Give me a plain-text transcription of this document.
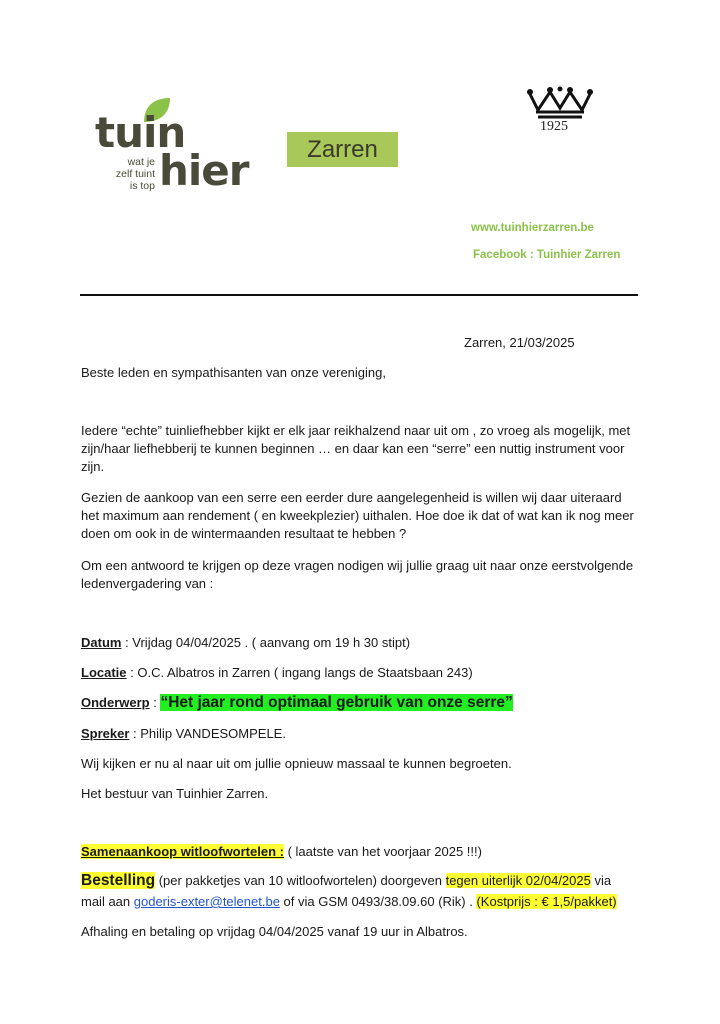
tuin
hier
wat je
zelf tuint
is top
Zarren
1925
www.tuinhierzarren.be
Facebook : Tuinhier Zarren
Zarren, 21/03/2025
Beste leden en sympathisanten van onze vereniging,
Iedere “echte” tuinliefhebber kijkt er elk jaar reikhalzend naar uit om , zo vroeg als mogelijk, met zijn/haar liefhebberij te kunnen beginnen … en daar kan een “serre” een nuttig instrument voor zijn.
Gezien de aankoop van een serre een eerder dure aangelegenheid is willen wij daar uiteraard het maximum aan rendement ( en kweekplezier) uithalen. Hoe doe ik dat of wat kan ik nog meer doen om ook in de wintermaanden resultaat te hebben ?
Om een antwoord te krijgen op deze vragen nodigen wij jullie graag uit naar onze eerstvolgende ledenvergadering van :
Datum : Vrijdag 04/04/2025 . ( aanvang om 19 h 30 stipt)
Locatie : O.C. Albatros in Zarren ( ingang langs de Staatsbaan 243)
Onderwerp : “Het jaar rond optimaal gebruik van onze serre”
Spreker : Philip VANDESOMPELE.
Wij kijken er nu al naar uit om jullie opnieuw massaal te kunnen begroeten.
Het bestuur van Tuinhier Zarren.
Samenaankoop witloofwortelen : ( laatste van het voorjaar 2025 !!!)
Bestelling (per pakketjes van 10 witloofwortelen) doorgeven tegen uiterlijk 02/04/2025 via
mail aan goderis-exter@telenet.be of via GSM 0493/38.09.60 (Rik) . (Kostprijs : € 1,5/pakket)
Afhaling en betaling op vrijdag 04/04/2025 vanaf 19 uur in Albatros.
